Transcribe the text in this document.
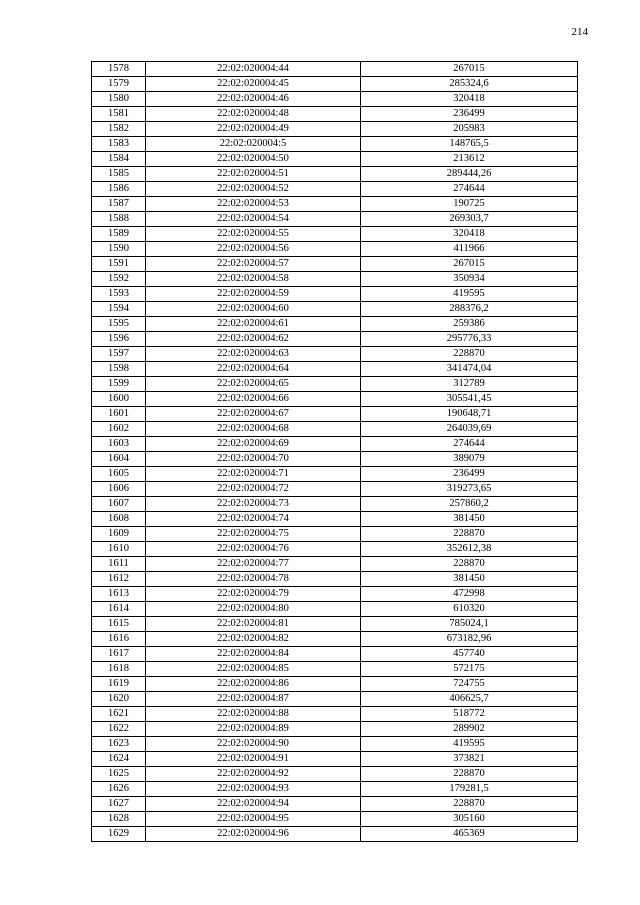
214
1578	22:02:020004:44	267015
1579	22:02:020004:45	285324,6
1580	22:02:020004:46	320418
1581	22:02:020004:48	236499
1582	22:02:020004:49	205983
1583	22:02:020004:5	148765,5
1584	22:02:020004:50	213612
1585	22:02:020004:51	289444,26
1586	22:02:020004:52	274644
1587	22:02:020004:53	190725
1588	22:02:020004:54	269303,7
1589	22:02:020004:55	320418
1590	22:02:020004:56	411966
1591	22:02:020004:57	267015
1592	22:02:020004:58	350934
1593	22:02:020004:59	419595
1594	22:02:020004:60	288376,2
1595	22:02:020004:61	259386
1596	22:02:020004:62	295776,33
1597	22:02:020004:63	228870
1598	22:02:020004:64	341474,04
1599	22:02:020004:65	312789
1600	22:02:020004:66	305541,45
1601	22:02:020004:67	190648,71
1602	22:02:020004:68	264039,69
1603	22:02:020004:69	274644
1604	22:02:020004:70	389079
1605	22:02:020004:71	236499
1606	22:02:020004:72	319273,65
1607	22:02:020004:73	257860,2
1608	22:02:020004:74	381450
1609	22:02:020004:75	228870
1610	22:02:020004:76	352612,38
1611	22:02:020004:77	228870
1612	22:02:020004:78	381450
1613	22:02:020004:79	472998
1614	22:02:020004:80	610320
1615	22:02:020004:81	785024,1
1616	22:02:020004:82	673182,96
1617	22:02:020004:84	457740
1618	22:02:020004:85	572175
1619	22:02:020004:86	724755
1620	22:02:020004:87	406625,7
1621	22:02:020004:88	518772
1622	22:02:020004:89	289902
1623	22:02:020004:90	419595
1624	22:02:020004:91	373821
1625	22:02:020004:92	228870
1626	22:02:020004:93	179281,5
1627	22:02:020004:94	228870
1628	22:02:020004:95	305160
1629	22:02:020004:96	465369
